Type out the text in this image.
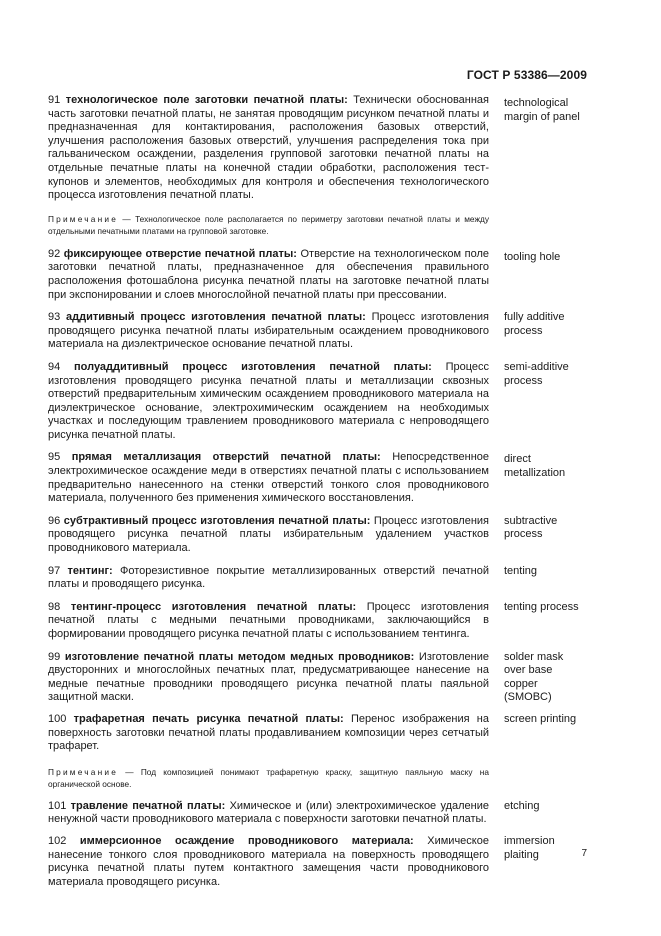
ГОСТ Р 53386—2009
91 технологическое поле заготовки печатной платы: Технически обоснованная часть заготовки печатной платы, не занятая проводящим рисунком печатной платы и предназначенная для контактирования, расположения базовых отверстий, улучшения расположения базовых отверстий, улучшения распределения тока при гальваническом осаждении, разделения групповой заготовки печатной платы на отдельные печатные платы на конечной стадии обработки, расположения тест-купонов и элементов, необходимых для контроля и обеспечения технологического процесса изготовления печатной платы.
technological margin of panel
Примечание — Технологическое поле располагается по периметру заготовки печатной платы и между отдельными печатными платами на групповой заготовке.
92 фиксирующее отверстие печатной платы: Отверстие на технологическом поле заготовки печатной платы, предназначенное для обеспечения правильного расположения фотошаблона рисунка печатной платы на заготовке печатной платы при экспонировании и слоев многослойной печатной платы при прессовании.
tooling hole
93 аддитивный процесс изготовления печатной платы: Процесс изготовления проводящего рисунка печатной платы избирательным осаждением проводникового материала на диэлектрическое основание печатной платы.
fully additive process
94 полуаддитивный процесс изготовления печатной платы: Процесс изготовления проводящего рисунка печатной платы и металлизации сквозных отверстий предварительным химическим осаждением проводникового материала на диэлектрическое основание, электрохимическим осаждением на необходимых участках и последующим травлением проводникового материала с непроводящего рисунка печатной платы.
semi-additive process
95 прямая металлизация отверстий печатной платы: Непосредственное электрохимическое осаждение меди в отверстиях печатной платы с использованием предварительно нанесенного на стенки отверстий тонкого слоя проводникового материала, полученного без применения химического восстановления.
direct metallization
96 субтрактивный процесс изготовления печатной платы: Процесс изготовления проводящего рисунка печатной платы избирательным удалением участков проводникового материала.
subtractive process
97 тентинг: Фоторезистивное покрытие металлизированных отверстий печатной платы и проводящего рисунка.
tenting
98 тентинг-процесс изготовления печатной платы: Процесс изготовления печатной платы с медными печатными проводниками, заключающийся в формировании проводящего рисунка печатной платы с использованием тентинга.
tenting process
99 изготовление печатной платы методом медных проводников: Изготовление двусторонних и многослойных печатных плат, предусматривающее нанесение на медные печатные проводники проводящего рисунка печатной платы паяльной защитной маски.
solder mask over base copper (SMOBC)
100 трафаретная печать рисунка печатной платы: Перенос изображения на поверхность заготовки печатной платы продавливанием композиции через сетчатый трафарет.
screen printing
Примечание — Под композицией понимают трафаретную краску, защитную паяльную маску на органической основе.
101 травление печатной платы: Химическое и (или) электрохимическое удаление ненужной части проводникового материала с поверхности заготовки печатной платы.
etching
102 иммерсионное осаждение проводникового материала: Химическое нанесение тонкого слоя проводникового материала на поверхность проводящего рисунка печатной платы путем контактного замещения части проводникового материала проводящего рисунка.
immersion plaiting	7
